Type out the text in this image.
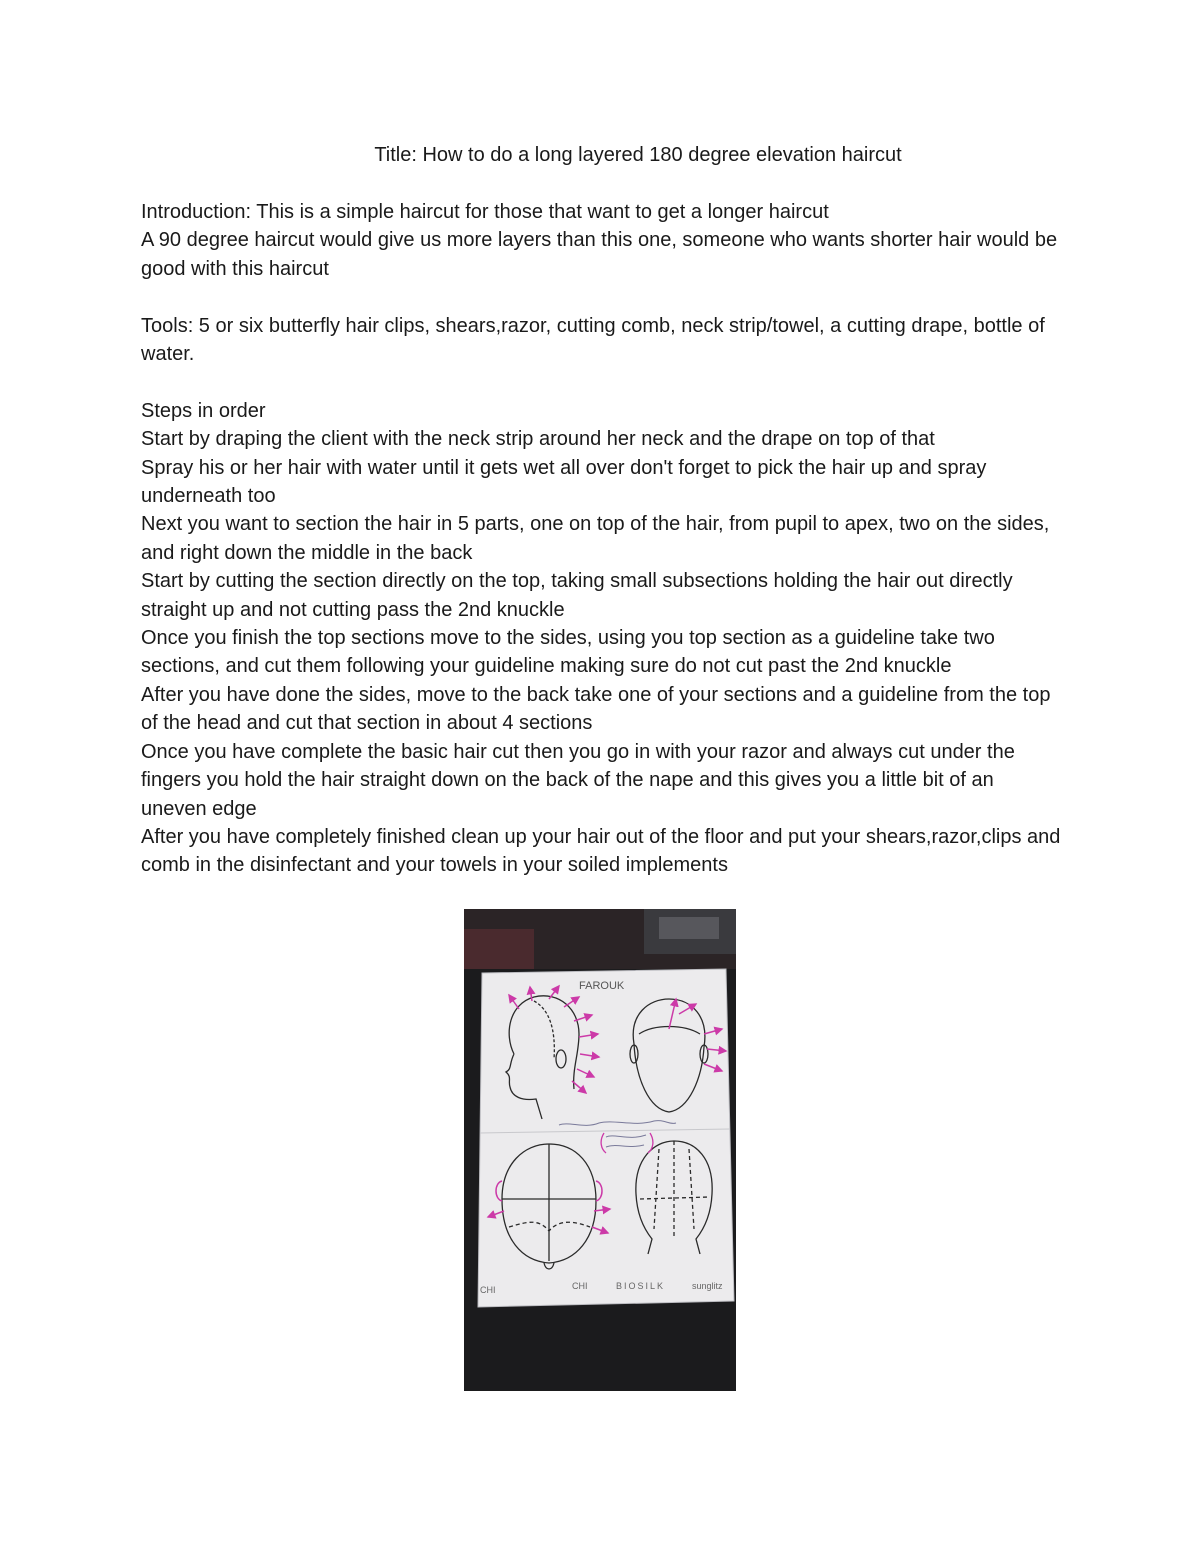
Title: How to do a long layered 180 degree elevation haircut

Introduction: This is a simple haircut for those that want to get a longer haircut

A 90 degree haircut would give us more layers than this one, someone who wants shorter hair would be good with this haircut

Tools: 5 or six butterfly hair clips, shears,razor, cutting comb, neck strip/towel, a cutting drape, bottle of water.

Steps in order

Start by draping the client with the neck strip around her neck and the drape on top of that

Spray his or her hair with water until it gets wet all over don't forget to pick the hair up and spray underneath too

Next you want to section the hair in 5 parts, one on top of the hair, from pupil to apex, two on the sides, and right down the middle in the back

Start by cutting the section directly on the top, taking small subsections holding the hair out directly straight up and not cutting pass the 2nd knuckle

Once you finish the top sections move to the sides, using you top section as a guideline take two sections, and cut them following your guideline making sure do not cut past the 2nd knuckle

After you have done the sides, move to the back take one of your sections and a guideline from the top of the head and cut that section in about 4 sections

Once you have complete the basic hair cut then you go in with your razor and always cut under the fingers you hold the hair straight down on the back of the nape and this gives you a little bit of an uneven edge

After you have completely finished clean up your hair out of the floor and put your shears,razor,clips and comb in the disinfectant and your towels in your soiled implements

FAROUK
CHI	CHI	BIOSILK	sunglitz
